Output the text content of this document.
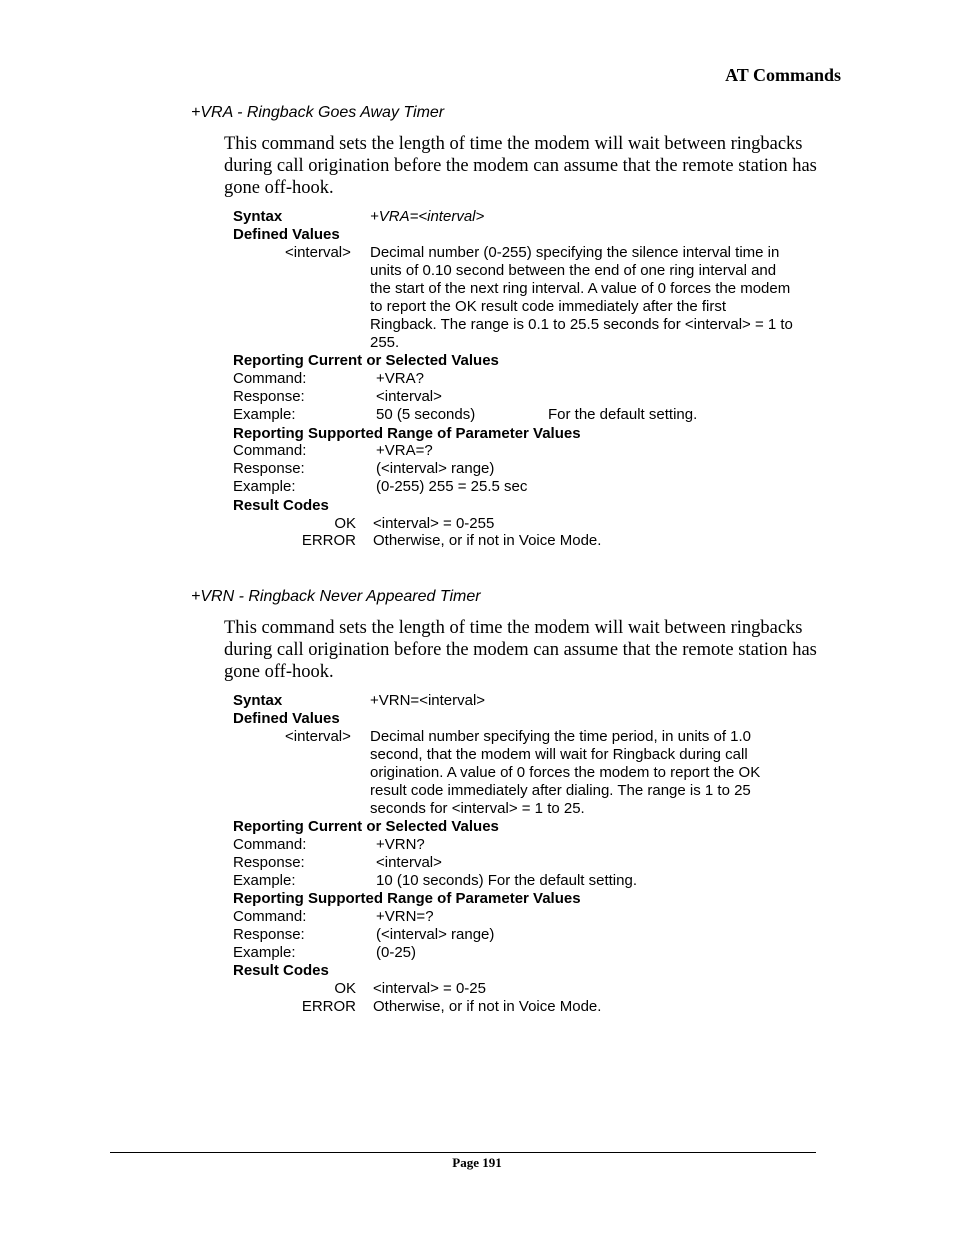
AT Commands
+VRA - Ringback Goes Away Timer
This command sets the length of time the modem will wait between ringbacks
during call origination before the modem can assume that the remote station has
gone off-hook.
Syntax	+VRA=<interval>
Defined Values
<interval> Decimal number (0-255) specifying the silence interval time in
units of 0.10 second between the end of one ring interval and
the start of the next ring interval. A value of 0 forces the modem
to report the OK result code immediately after the first
Ringback. The range is 0.1 to 25.5 seconds for <interval> = 1 to
255.
Reporting Current or Selected Values
Command:	+VRA?
Response:	<interval>
Example:	50 (5 seconds)	For the default setting.
Reporting Supported Range of Parameter Values
Command:	+VRA=?
Response:	(<interval> range)
Example:	(0-255) 255 = 25.5 sec
Result Codes
OK <interval> = 0-255
ERROR Otherwise, or if not in Voice Mode.
+VRN - Ringback Never Appeared Timer
This command sets the length of time the modem will wait between ringbacks
during call origination before the modem can assume that the remote station has
gone off-hook.
Syntax	+VRN=<interval>
Defined Values
<interval> Decimal number specifying the time period, in units of 1.0
second, that the modem will wait for Ringback during call
origination. A value of 0 forces the modem to report the OK
result code immediately after dialing. The range is 1 to 25
seconds for <interval> = 1 to 25.
Reporting Current or Selected Values
Command:	+VRN?
Response:	<interval>
Example:	10 (10 seconds) For the default setting.
Reporting Supported Range of Parameter Values
Command:	+VRN=?
Response:	(<interval> range)
Example:	(0-25)
Result Codes
OK <interval> = 0-25
ERROR Otherwise, or if not in Voice Mode.
Page 191
